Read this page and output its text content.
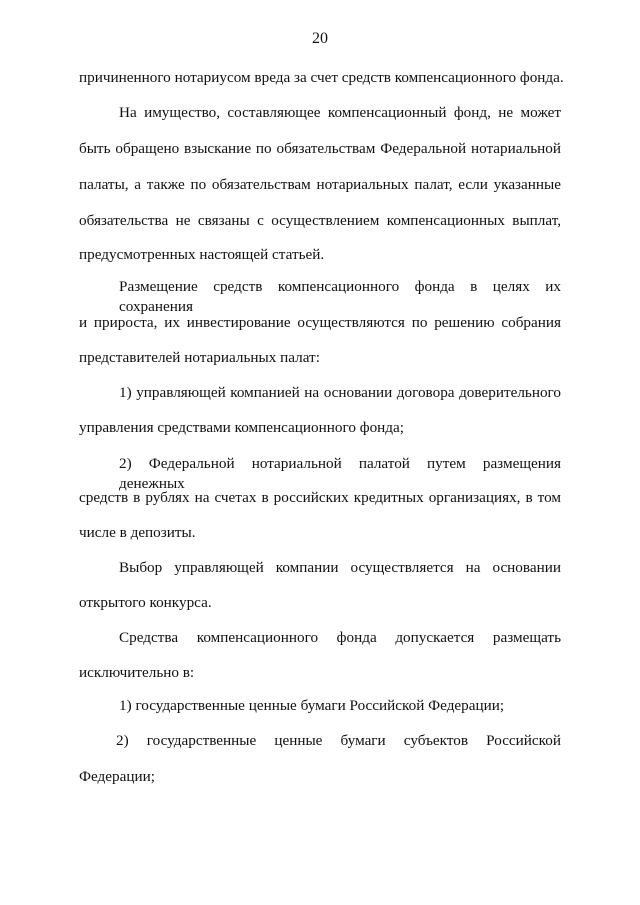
20
причиненного нотариусом вреда за счет средств компенсационного фонда.
На имущество, составляющее компенсационный фонд, не может
быть обращено взыскание по обязательствам Федеральной нотариальной
палаты, а также по обязательствам нотариальных палат, если указанные
обязательства не связаны с осуществлением компенсационных выплат,
предусмотренных настоящей статьей.
Размещение средств компенсационного фонда в целях их сохранения
и прироста, их инвестирование осуществляются по решению собрания
представителей нотариальных палат:
1) управляющей компанией на основании договора доверительного
управления средствами компенсационного фонда;
2) Федеральной нотариальной палатой путем размещения денежных
средств в рублях на счетах в российских кредитных организациях, в том
числе в депозиты.
Выбор управляющей компании осуществляется на основании
открытого конкурса.
Средства компенсационного фонда допускается размещать
исключительно в:
1) государственные ценные бумаги Российской Федерации;
2) государственные ценные бумаги субъектов Российской
Федерации;
